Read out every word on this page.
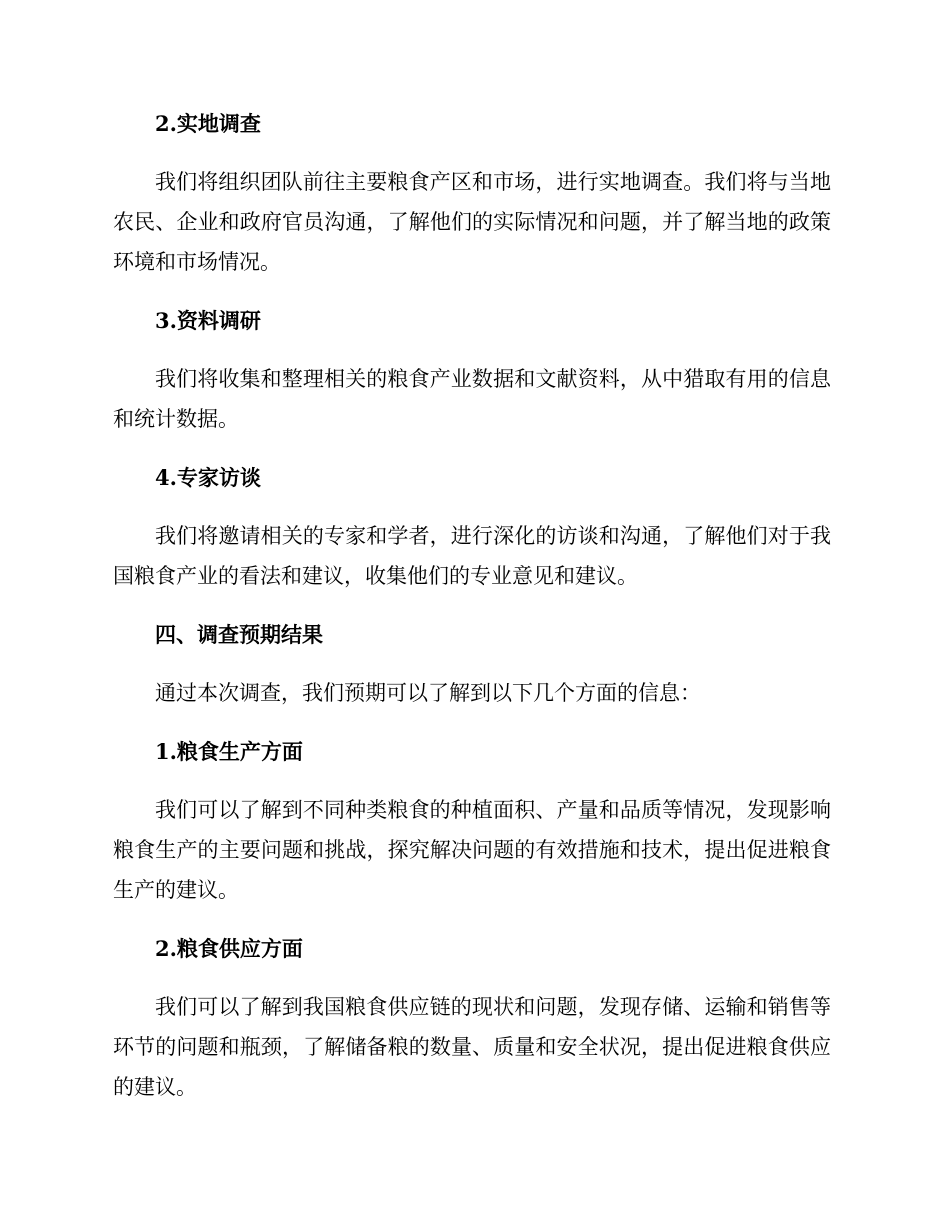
2.实地调查

我们将组织团队前往主要粮食产区和市场，进行实地调查。我们将与当地农民、企业和政府官员沟通，了解他们的实际情况和问题，并了解当地的政策环境和市场情况。

3.资料调研

我们将收集和整理相关的粮食产业数据和文献资料，从中猎取有用的信息和统计数据。

4.专家访谈

我们将邀请相关的专家和学者，进行深化的访谈和沟通，了解他们对于我国粮食产业的看法和建议，收集他们的专业意见和建议。

四、调查预期结果

通过本次调查，我们预期可以了解到以下几个方面的信息：

1.粮食生产方面

我们可以了解到不同种类粮食的种植面积、产量和品质等情况，发现影响粮食生产的主要问题和挑战，探究解决问题的有效措施和技术，提出促进粮食生产的建议。

2.粮食供应方面

我们可以了解到我国粮食供应链的现状和问题，发现存储、运输和销售等环节的问题和瓶颈，了解储备粮的数量、质量和安全状况，提出促进粮食供应的建议。
